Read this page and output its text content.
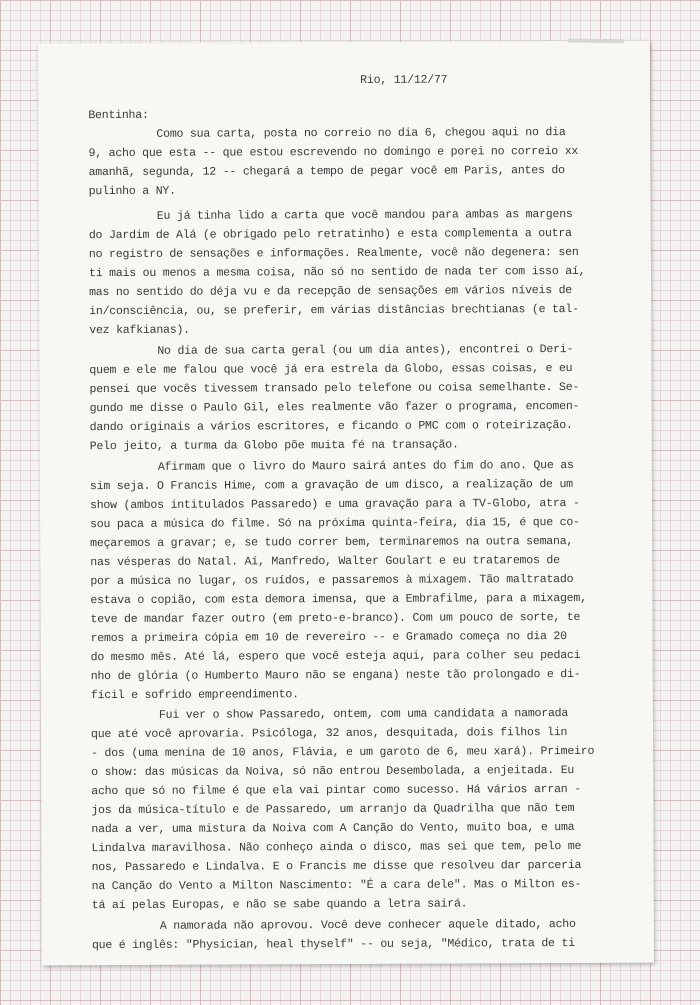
Rio, 11/12/77
Bentinha:
Como sua carta, posta no correio no dia 6, chegou aqui no dia
9, acho que esta -- que estou escrevendo no domingo e porei no correio xx
amanhã, segunda, 12 -- chegará a tempo de pegar você em Paris, antes do
pulinho a NY.
Eu já tinha lido a carta que você mandou para ambas as margens
do Jardim de Alá (e obrigado pelo retratinho) e esta complementa a outra
no registro de sensações e informações. Realmente, você não degenera: sen
ti mais ou menos a mesma coisa, não só no sentido de nada ter com isso aí,
mas no sentido do déja vu e da recepção de sensações em vários níveis de
in/consciência, ou, se preferir, em várias distâncias brechtianas (e tal-
vez kafkianas).
No dia de sua carta geral (ou um dia antes), encontrei o Deri-
quem e ele me falou que você já era estrela da Globo, essas coisas, e eu
pensei que vocês tivessem transado pelo telefone ou coisa semelhante. Se-
gundo me disse o Paulo Gil, eles realmente vão fazer o programa, encomen-
dando originais a vários escritores, e ficando o PMC com o roteirização.
Pelo jeito, a turma da Globo põe muita fé na transação.
Afirmam que o livro do Mauro sairá antes do fim do ano. Que as
sim seja. O Francis Hime, com a gravação de um disco, a realização de um
show (ambos intitulados Passaredo) e uma gravação para a TV-Globo, atra -
sou paca a música do filme. Só na próxima quinta-feira, dia 15, é que co-
meçaremos a gravar; e, se tudo correr bem, terminaremos na outra semana,
nas vésperas do Natal. Aí, Manfredo, Walter Goulart e eu trataremos de
por a música no lugar, os ruídos, e passaremos à mixagem. Tão maltratado
estava o copião, com esta demora imensa, que a Embrafilme, para a mixagem,
teve de mandar fazer outro (em preto-e-branco). Com um pouco de sorte, te
remos a primeira cópia em 10 de revereiro -- e Gramado começa no dia 20
do mesmo mês. Até lá, espero que você esteja aqui, para colher seu pedaci
nho de glória (o Humberto Mauro não se engana) neste tão prolongado e di-
fícil e sofrido empreendimento.
Fui ver o show Passaredo, ontem, com uma candidata a namorada
que até você aprovaria. Psicóloga, 32 anos, desquitada, dois filhos lin
- dos (uma menina de 10 anos, Flávia, e um garoto de 6, meu xará). Primeiro
o show: das músicas da Noiva, só não entrou Desembolada, a enjeitada. Eu
acho que só no filme é que ela vai pintar como sucesso. Há vários arran -
jos da música-título e de Passaredo, um arranjo da Quadrilha que não tem
nada a ver, uma mistura da Noiva com A Canção do Vento, muito boa, e uma
Lindalva maravilhosa. Não conheço ainda o disco, mas sei que tem, pelo me
nos, Passaredo e Lindalva. E o Francis me disse que resolveu dar parceria
na Canção do Vento a Milton Nascimento: "É a cara dele". Mas o Milton es-
tá aí pelas Europas, e não se sabe quando a letra sairá.
A namorada não aprovou. Você deve conhecer aquele ditado, acho
que é inglês: "Physician, heal thyself" -- ou seja, "Médico, trata de ti
